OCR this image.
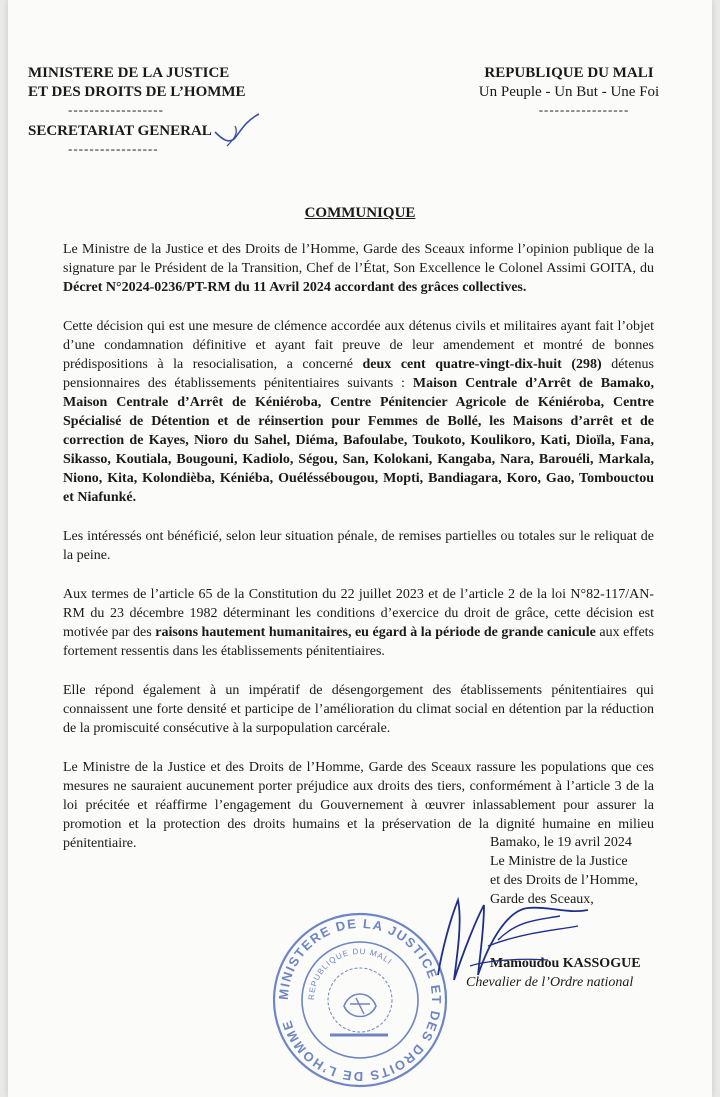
MINISTERE DE LA JUSTICE
ET DES DROITS DE L’HOMME
------------------
SECRETARIAT GENERAL
-----------------
REPUBLIQUE DU MALI
Un Peuple - Un But - Une Foi
-----------------
COMMUNIQUE

Le Ministre de la Justice et des Droits de l’Homme, Garde des Sceaux informe l’opinion publique de la signature par le Président de la Transition, Chef de l’État, Son Excellence le Colonel Assimi GOITA, du Décret N°2024-0236/PT-RM du 11 Avril 2024 accordant des grâces collectives.

Cette décision qui est une mesure de clémence accordée aux détenus civils et militaires ayant fait l’objet d’une condamnation définitive et ayant fait preuve de leur amendement et montré de bonnes prédispositions à la resocialisation, a concerné deux cent quatre-vingt-dix-huit (298) détenus pensionnaires des établissements pénitentiaires suivants : Maison Centrale d’Arrêt de Bamako, Maison Centrale d’Arrêt de Kéniéroba, Centre Pénitencier Agricole de Kéniéroba, Centre Spécialisé de Détention et de réinsertion pour Femmes de Bollé, les Maisons d’arrêt et de correction de Kayes, Nioro du Sahel, Diéma, Bafoulabe, Toukoto, Koulikoro, Kati, Dioïla, Fana, Sikasso, Koutiala, Bougouni, Kadiolo, Ségou, San, Kolokani, Kangaba, Nara, Barouéli, Markala, Niono, Kita, Kolondièba, Kéniéba, Ouéléssébougou, Mopti, Bandiagara, Koro, Gao, Tombouctou et Niafunké.

Les intéressés ont bénéficié, selon leur situation pénale, de remises partielles ou totales sur le reliquat de la peine.

Aux termes de l’article 65 de la Constitution du 22 juillet 2023 et de l’article 2 de la loi N°82-117/AN-RM du 23 décembre 1982 déterminant les conditions d’exercice du droit de grâce, cette décision est motivée par des raisons hautement humanitaires, eu égard à la période de grande canicule aux effets fortement ressentis dans les établissements pénitentiaires.

Elle répond également à un impératif de désengorgement des établissements pénitentiaires qui connaissent une forte densité et participe de l’amélioration du climat social en détention par la réduction de la promiscuité consécutive à la surpopulation carcérale.

Le Ministre de la Justice et des Droits de l’Homme, Garde des Sceaux rassure les populations que ces mesures ne sauraient aucunement porter préjudice aux droits des tiers, conformément à l’article 3 de la loi précitée et réaffirme l’engagement du Gouvernement à œuvrer inlassablement pour assurer la promotion et la protection des droits humains et la préservation de la dignité humaine en milieu pénitentiaire.	Bamako, le 19 avril 2024
Le Ministre de la Justice
et des Droits de l’Homme,
Garde des Sceaux,
Mamoudou KASSOGUE
Chevalier de l’Ordre national
MINISTERE DE LA JUSTICE ET DES DROITS DE L’HOMME
REPUBLIQUE DU MALI
